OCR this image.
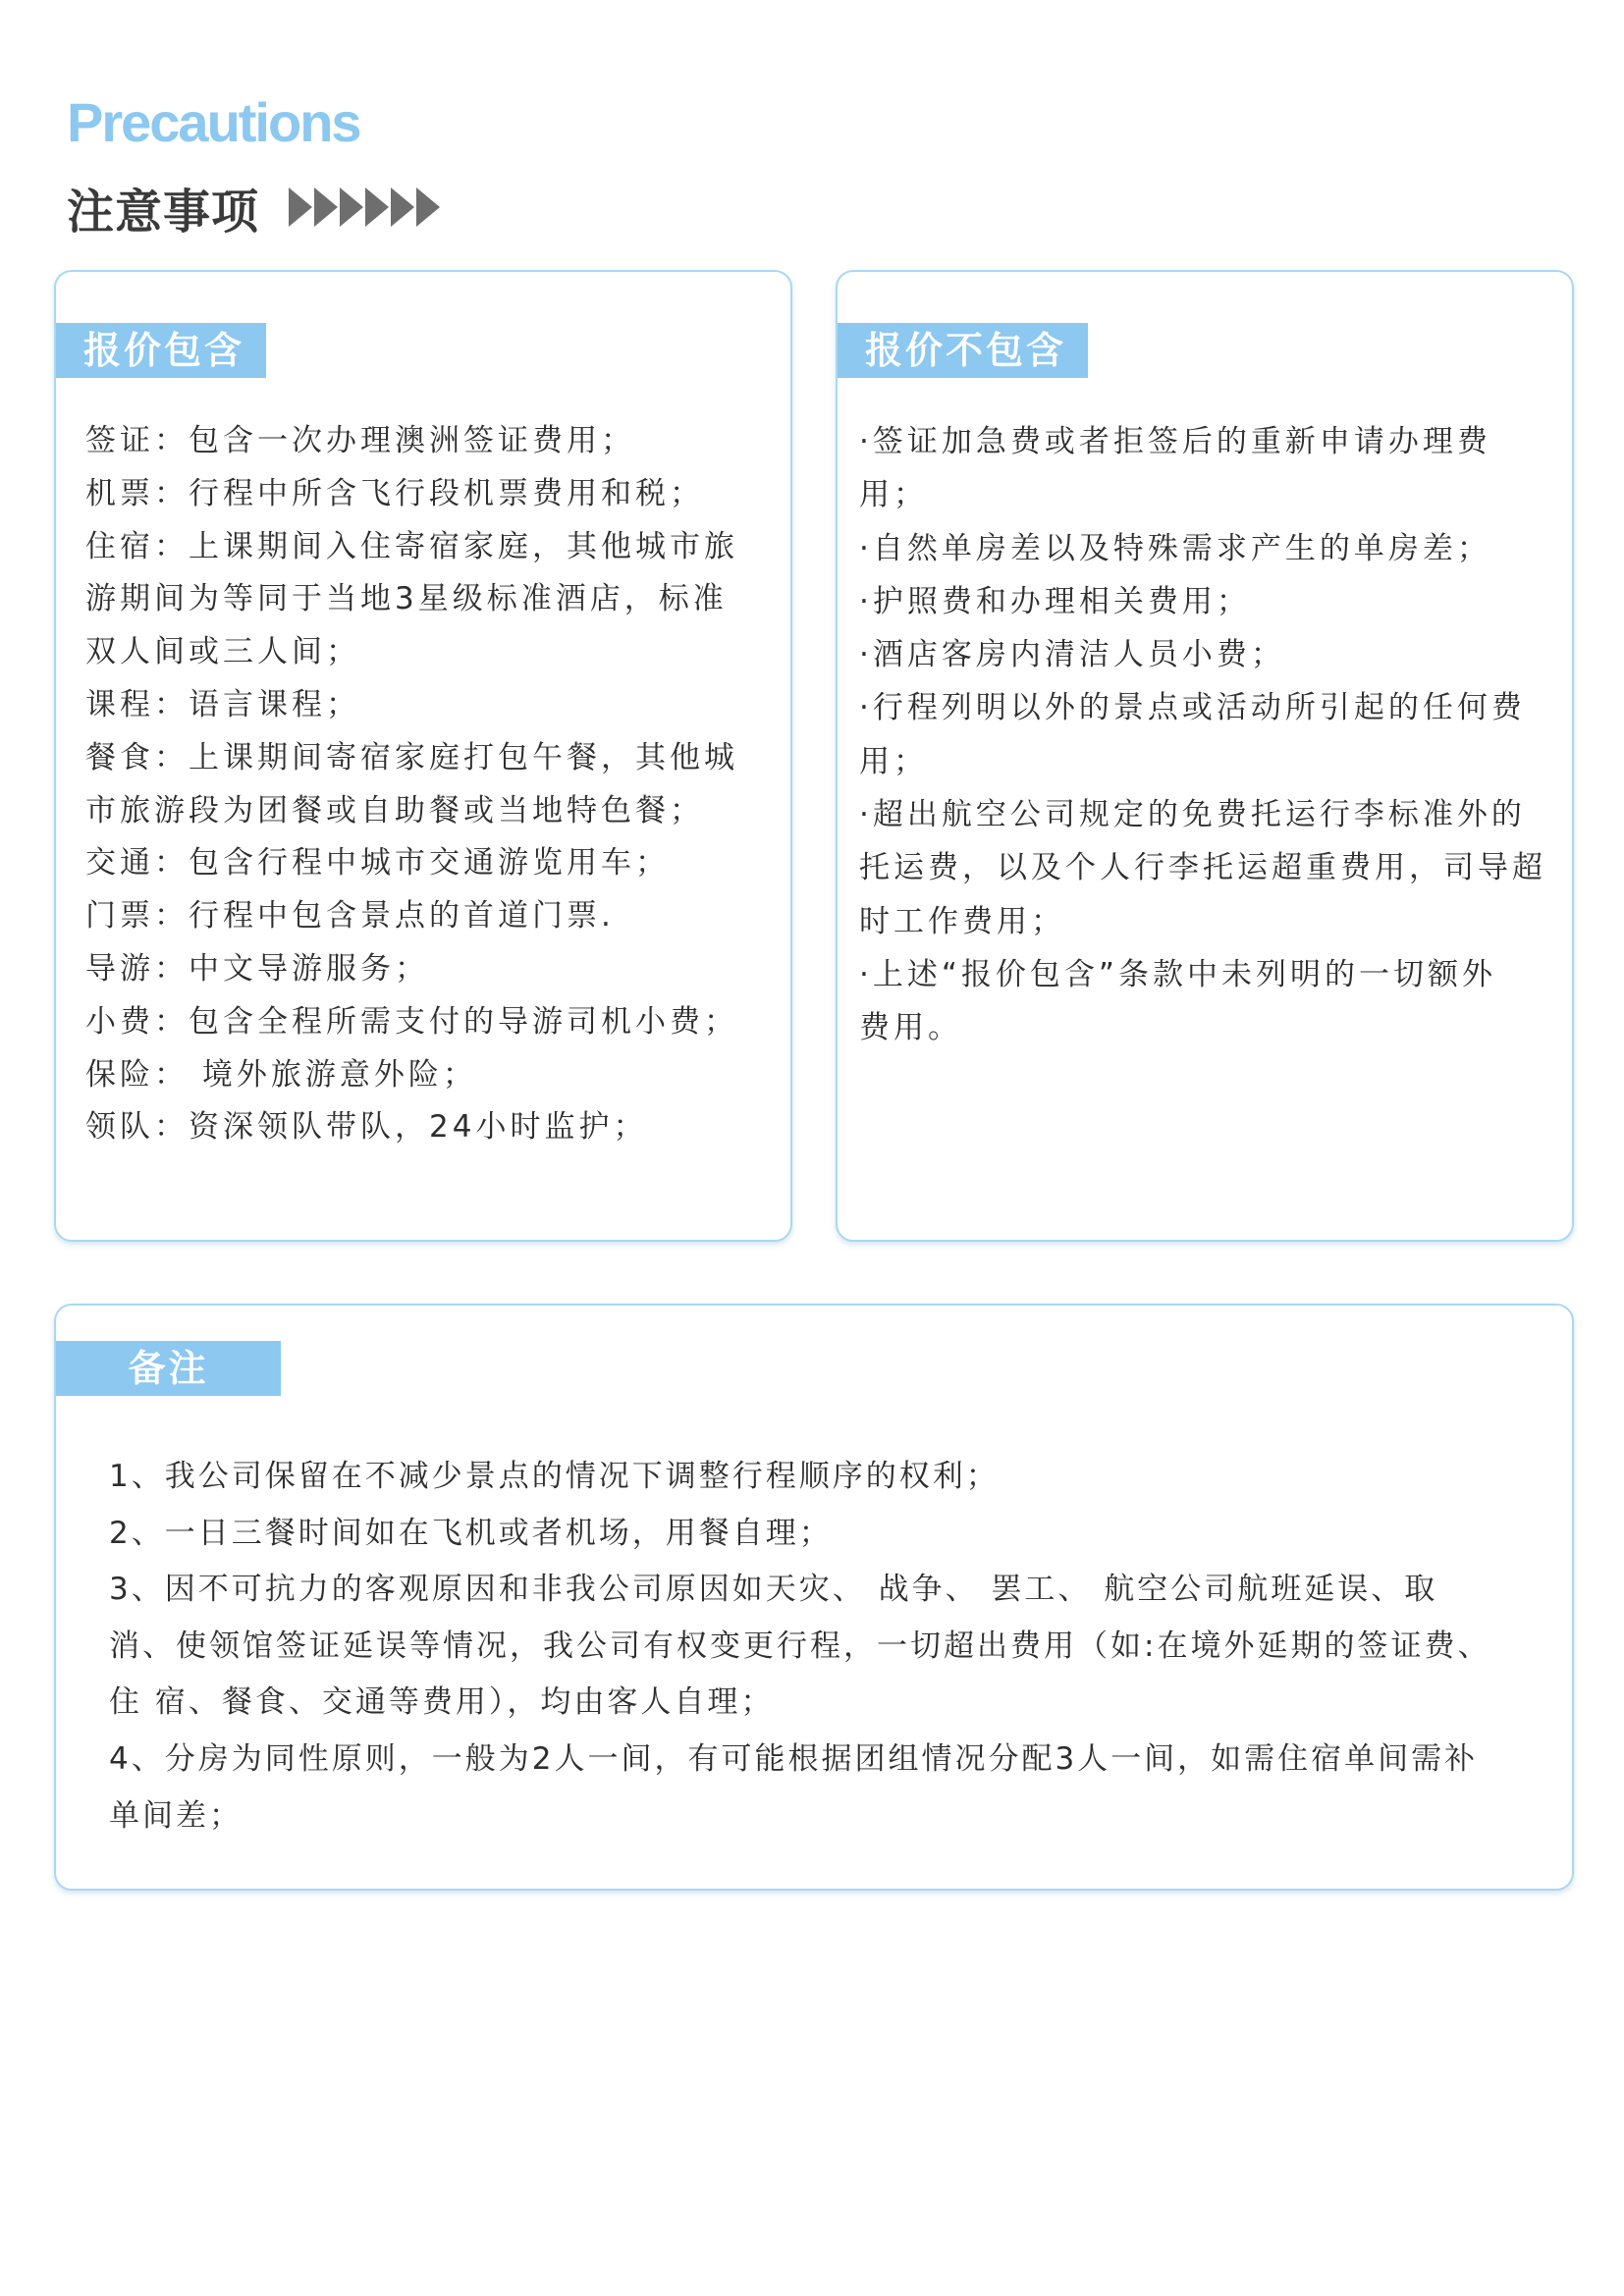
Precautions
注意事项
报价包含
签证：包含一次办理澳洲签证费用；
机票：行程中所含飞行段机票费用和税；
住宿：上课期间入住寄宿家庭，其他城市旅
游期间为等同于当地3星级标准酒店，标准
双人间或三人间；
课程：语言课程；
餐食：上课期间寄宿家庭打包午餐，其他城
市旅游段为团餐或自助餐或当地特色餐；
交通：包含行程中城市交通游览用车；
门票：行程中包含景点的首道门票.
导游：中文导游服务；
小费：包含全程所需支付的导游司机小费；
保险： 境外旅游意外险；
领队：资深领队带队，24小时监护；
报价不包含
·签证加急费或者拒签后的重新申请办理费
用；
·自然单房差以及特殊需求产生的单房差；
·护照费和办理相关费用；
·酒店客房内清洁人员小费；
·行程列明以外的景点或活动所引起的任何费
用；
·超出航空公司规定的免费托运行李标准外的
托运费，以及个人行李托运超重费用，司导超
时工作费用；
·上述“报价包含”条款中未列明的一切额外
费用。
备注
1、我公司保留在不减少景点的情况下调整行程顺序的权利；
2、一日三餐时间如在飞机或者机场，用餐自理；
3、因不可抗力的客观原因和非我公司原因如天灾、 战争、 罢工、 航空公司航班延误、取
消、使领馆签证延误等情况，我公司有权变更行程，一切超出费用（如:在境外延期的签证费、
住 宿、餐食、交通等费用），均由客人自理；
4、分房为同性原则，一般为2人一间，有可能根据团组情况分配3人一间，如需住宿单间需补
单间差；
